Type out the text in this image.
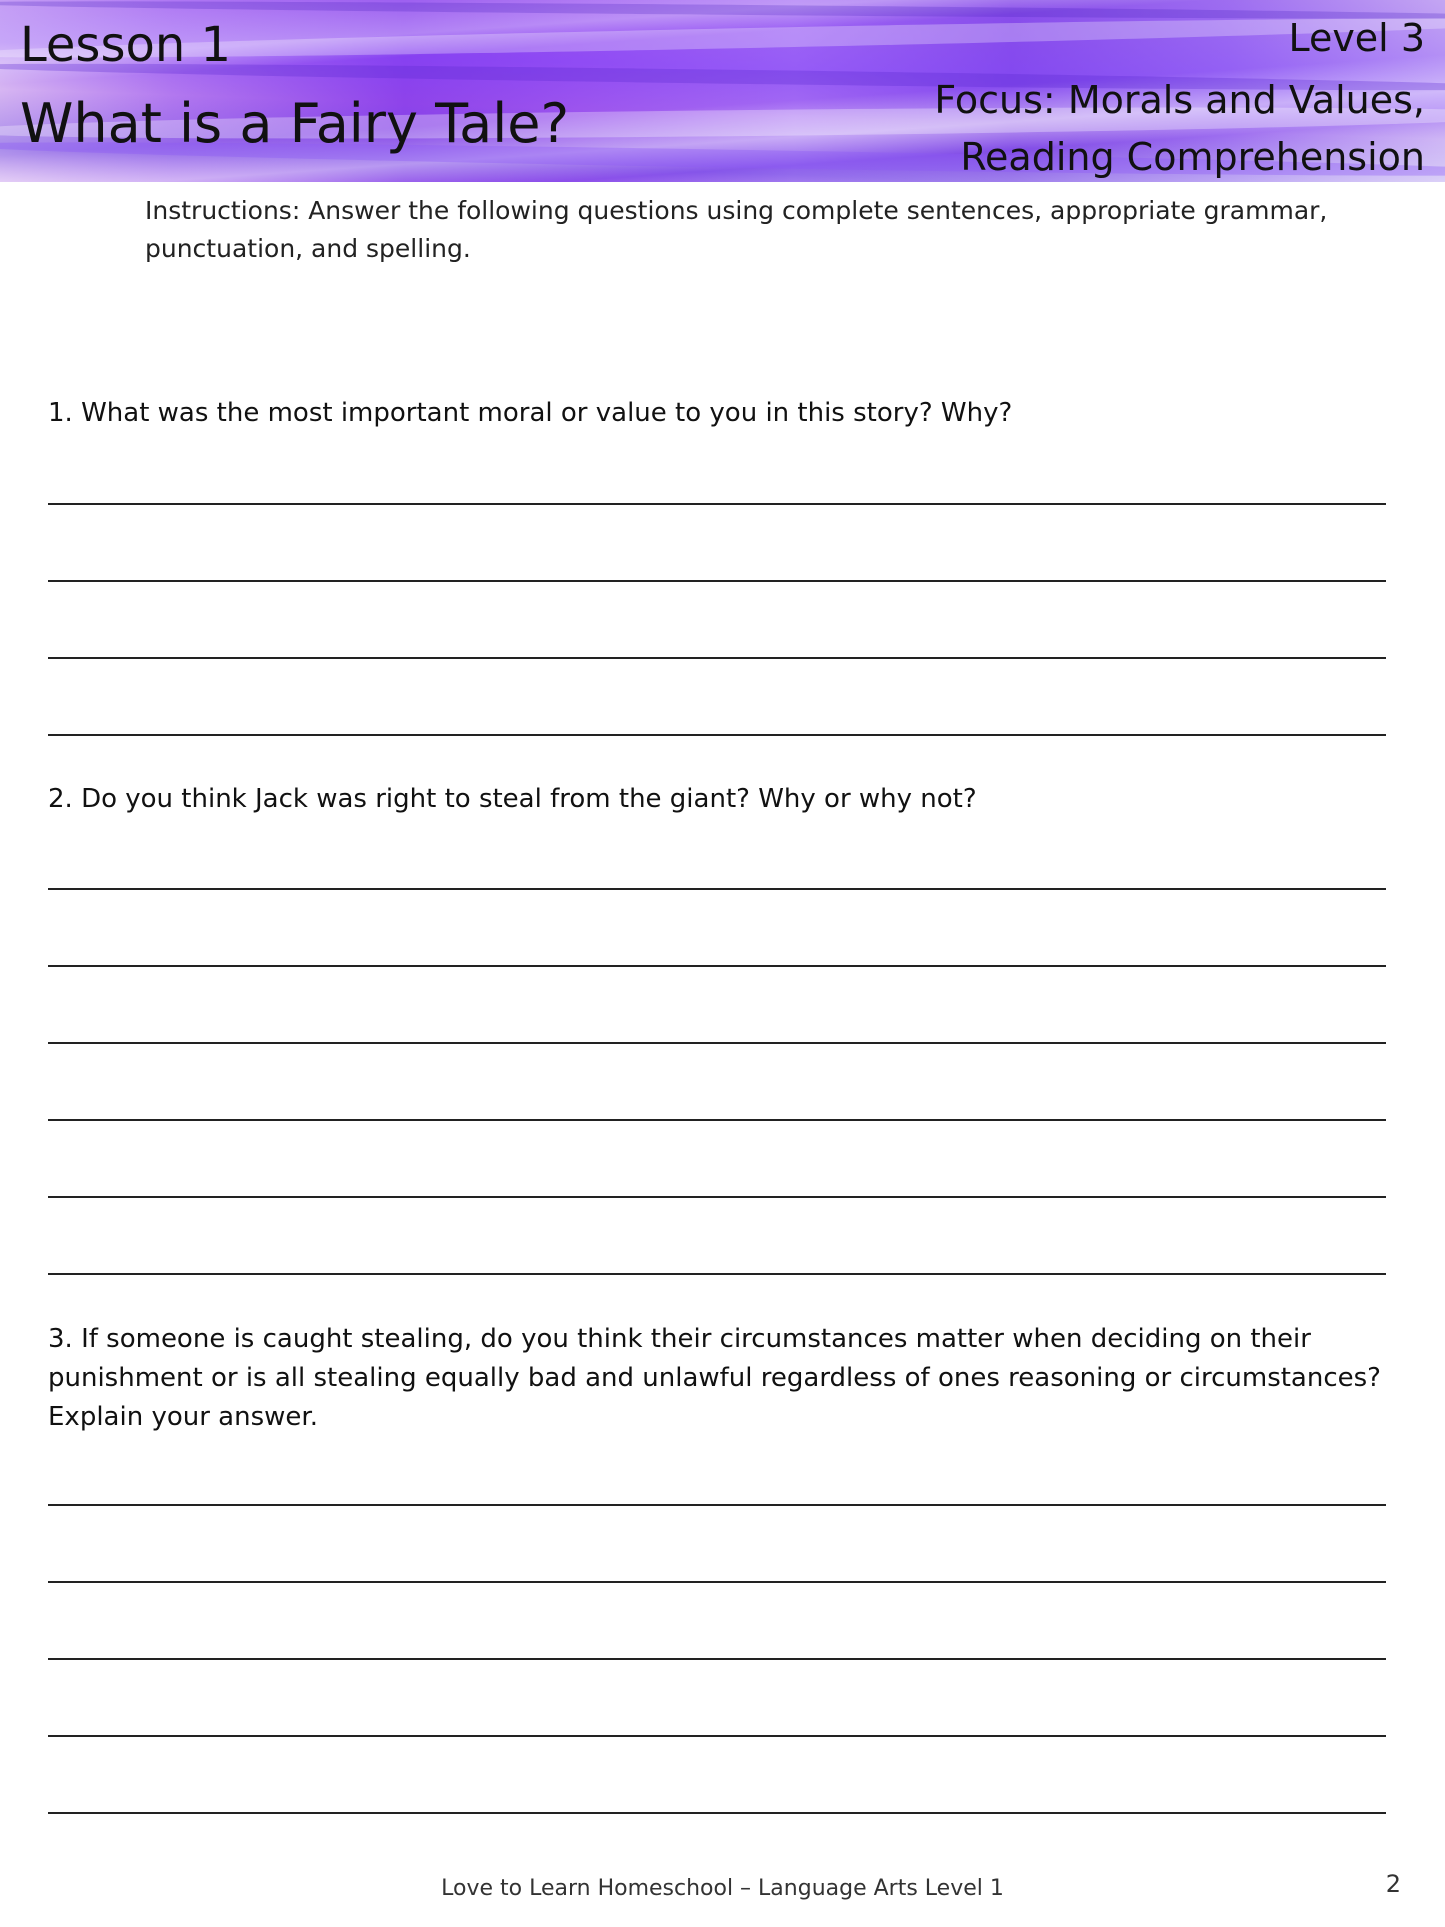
Lesson 1
What is a Fairy Tale?
Level 3
Focus: Morals and Values,
Reading Comprehension
Instructions: Answer the following questions using complete sentences, appropriate grammar, punctuation, and spelling.
1. What was the most important moral or value to you in this story? Why?
2. Do you think Jack was right to steal from the giant? Why or why not?
3. If someone is caught stealing, do you think their circumstances matter when deciding on their punishment or is all stealing equally bad and unlawful regardless of ones reasoning or circumstances? Explain your answer.
Love to Learn Homeschool – Language Arts Level 1	2
